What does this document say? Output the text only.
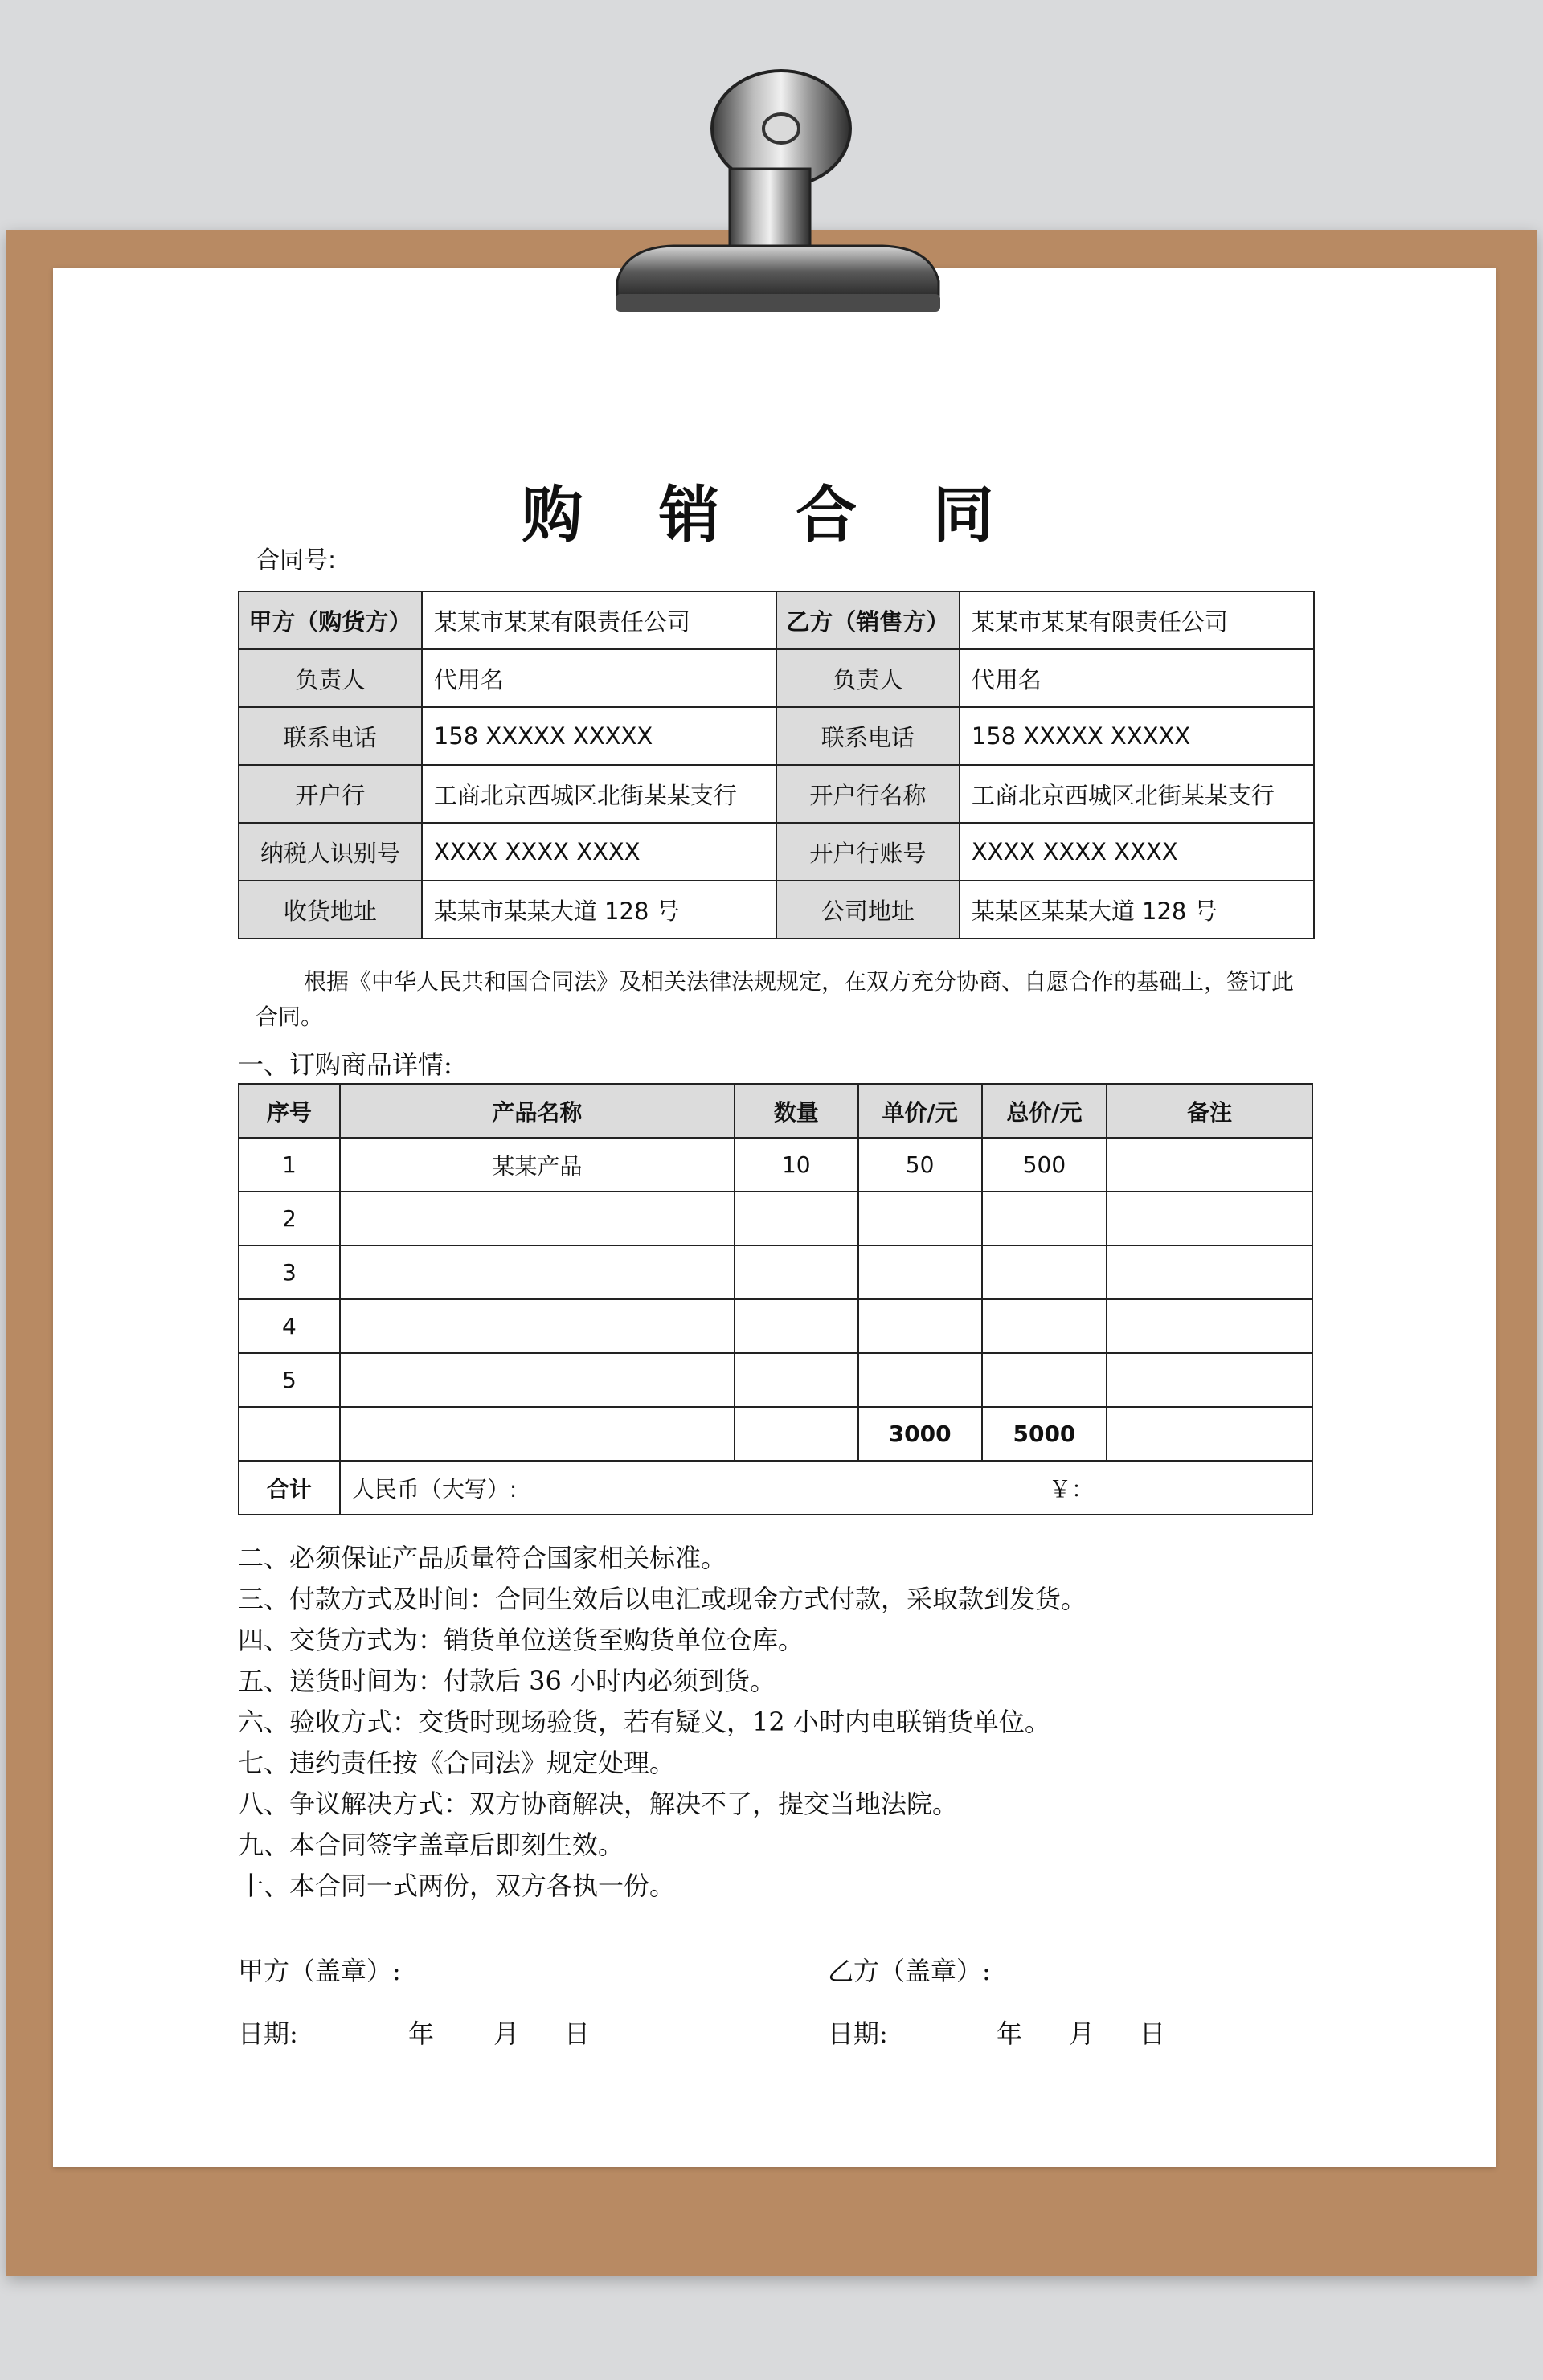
购 销 合 同
合同号:
甲方（购货方）	某某市某某有限责任公司	乙方（销售方）	某某市某某有限责任公司
负责人	代用名	负责人	代用名
联系电话	158 XXXXX XXXXX	联系电话	158 XXXXX XXXXX
开户行	工商北京西城区北街某某支行	开户行名称	工商北京西城区北街某某支行
纳税人识别号	XXXX XXXX XXXX	开户行账号	XXXX XXXX XXXX
收货地址	某某市某某大道 128 号	公司地址	某某区某某大道 128 号
根据《中华人民共和国合同法》及相关法律法规规定，在双方充分协商、自愿合作的基础上，签订此合同。
一、订购商品详情:
序号	产品名称	数量	单价/元	总价/元	备注
1	某某产品	10	50	500	
2					
3					
4					
5					
			3000	5000	
合计	人民币（大写）: ￥：				
二、必须保证产品质量符合国家相关标准。
三、付款方式及时间：合同生效后以电汇或现金方式付款，采取款到发货。
四、交货方式为：销货单位送货至购货单位仓库。
五、送货时间为：付款后 36 小时内必须到货。
六、验收方式：交货时现场验货，若有疑义，12 小时内电联销货单位。
七、违约责任按《合同法》规定处理。
八、争议解决方式：双方协商解决，解决不了，提交当地法院。
九、本合同签字盖章后即刻生效。
十、本合同一式两份，双方各执一份。
甲方（盖章）:	乙方（盖章）:
日期:	年 月 日	日期:	年 月 日
